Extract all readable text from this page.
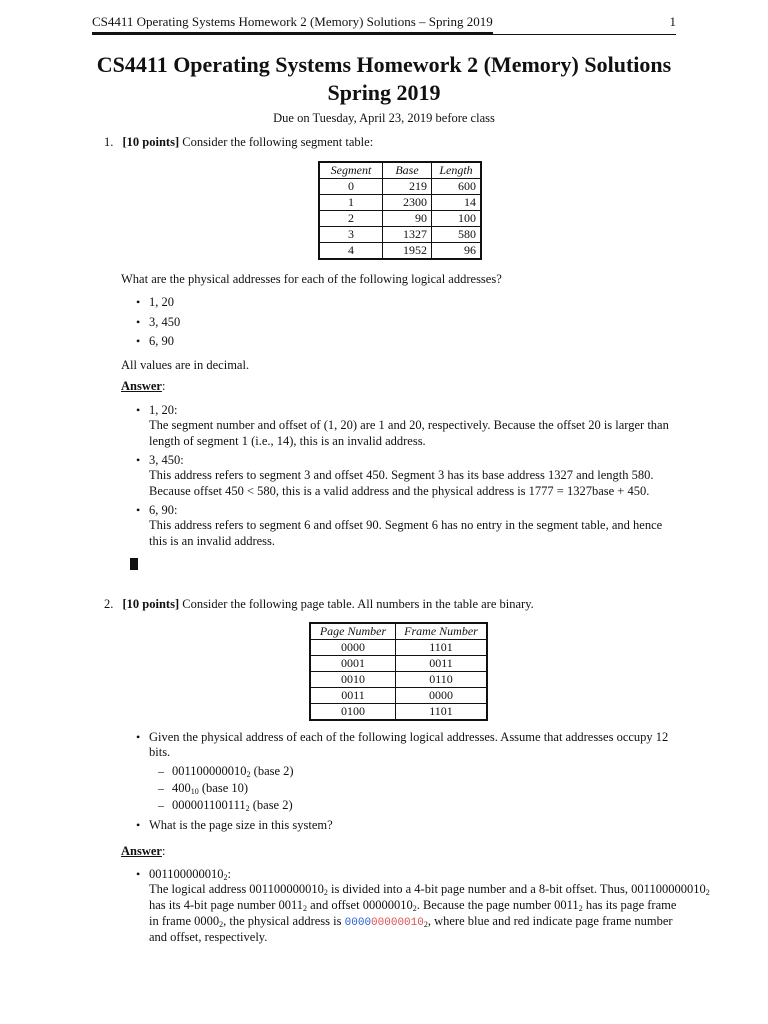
CS4411 Operating Systems Homework 2 (Memory) Solutions – Spring 2019	1
CS4411 Operating Systems Homework 2 (Memory) Solutions
Spring 2019
Due on Tuesday, April 23, 2019 before class
1. [10 points] Consider the following segment table:
Segment	Base	Length
0	219	600
1	2300	14
2	90	100
3	1327	580
4	1952	96
What are the physical addresses for each of the following logical addresses?
• 1, 20
• 3, 450
• 6, 90
All values are in decimal.
Answer:
• 1, 20:
The segment number and offset of (1, 20) are 1 and 20, respectively. Because the offset 20 is larger than
length of segment 1 (i.e., 14), this is an invalid address.
• 3, 450:
This address refers to segment 3 and offset 450. Segment 3 has its base address 1327 and length 580.
Because offset 450 < 580, this is a valid address and the physical address is 1777 = 1327base + 450.
• 6, 90:
This address refers to segment 6 and offset 90. Segment 6 has no entry in the segment table, and hence
this is an invalid address.
2. [10 points] Consider the following page table. All numbers in the table are binary.
Page Number	Frame Number
0000	1101
0001	0011
0010	0110
0011	0000
0100	1101
• Given the physical address of each of the following logical addresses. Assume that addresses occupy 12
bits.
– $001100000010_2$ (base 2)
– $400_{10}$ (base 10)
– $000001100111_2$ (base 2)
• What is the page size in this system?
Answer:
• $001100000010_2$:
The logical address $001100000010_2$ is divided into a 4-bit page number and a 8-bit offset. Thus, $001100000010_2$
has its 4-bit page number $0011_2$ and offset $00000010_2$. Because the page number $0011_2$ has its page frame
in frame $0000_2$, the physical address is $000000000010_2$, where blue and red indicate page frame number
and offset, respectively.
